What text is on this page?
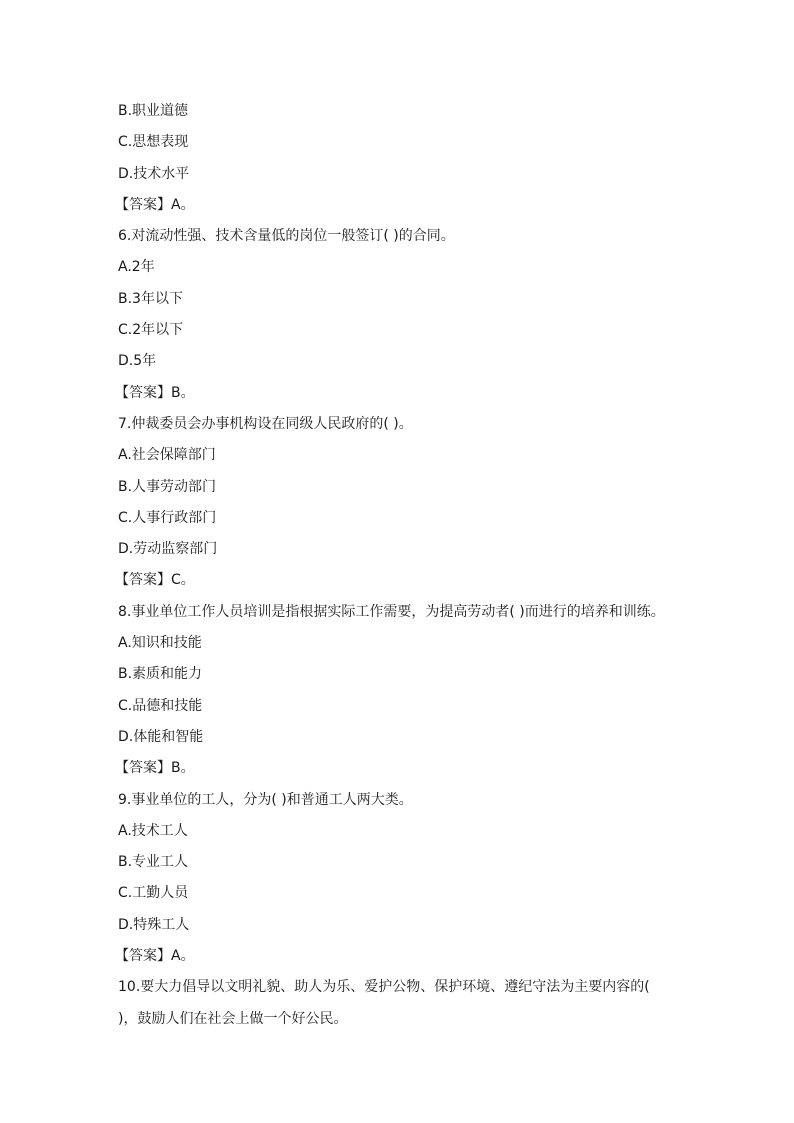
B.职业道德
C.思想表现
D.技术水平
【答案】A。
6.对流动性强、技术含量低的岗位一般签订( )的合同。
A.2年
B.3年以下
C.2年以下
D.5年
【答案】B。
7.仲裁委员会办事机构设在同级人民政府的( )。
A.社会保障部门
B.人事劳动部门
C.人事行政部门
D.劳动监察部门
【答案】C。
8.事业单位工作人员培训是指根据实际工作需要，为提高劳动者( )而进行的培养和训练。
A.知识和技能
B.素质和能力
C.品德和技能
D.体能和智能
【答案】B。
9.事业单位的工人，分为( )和普通工人两大类。
A.技术工人
B.专业工人
C.工勤人员
D.特殊工人
【答案】A。
10.要大力倡导以文明礼貌、助人为乐、爱护公物、保护环境、遵纪守法为主要内容的(
)，鼓励人们在社会上做一个好公民。
